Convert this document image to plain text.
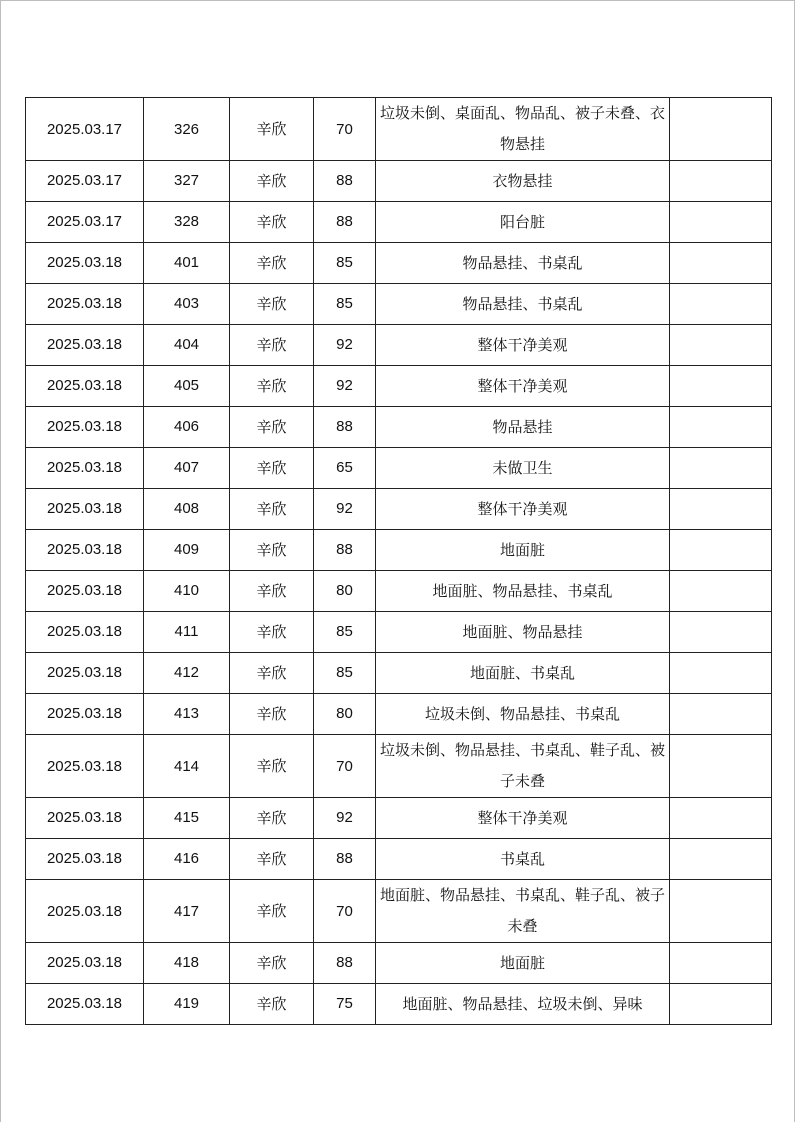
2025.03.17	326	辛欣	70	垃圾未倒、桌面乱、物品乱、被子未叠、衣物悬挂	
2025.03.17	327	辛欣	88	衣物悬挂	
2025.03.17	328	辛欣	88	阳台脏	
2025.03.18	401	辛欣	85	物品悬挂、书桌乱	
2025.03.18	403	辛欣	85	物品悬挂、书桌乱	
2025.03.18	404	辛欣	92	整体干净美观	
2025.03.18	405	辛欣	92	整体干净美观	
2025.03.18	406	辛欣	88	物品悬挂	
2025.03.18	407	辛欣	65	未做卫生	
2025.03.18	408	辛欣	92	整体干净美观	
2025.03.18	409	辛欣	88	地面脏	
2025.03.18	410	辛欣	80	地面脏、物品悬挂、书桌乱	
2025.03.18	411	辛欣	85	地面脏、物品悬挂	
2025.03.18	412	辛欣	85	地面脏、书桌乱	
2025.03.18	413	辛欣	80	垃圾未倒、物品悬挂、书桌乱	
2025.03.18	414	辛欣	70	垃圾未倒、物品悬挂、书桌乱、鞋子乱、被子未叠	
2025.03.18	415	辛欣	92	整体干净美观	
2025.03.18	416	辛欣	88	书桌乱	
2025.03.18	417	辛欣	70	地面脏、物品悬挂、书桌乱、鞋子乱、被子未叠	
2025.03.18	418	辛欣	88	地面脏	
2025.03.18	419	辛欣	75	地面脏、物品悬挂、垃圾未倒、异味	
